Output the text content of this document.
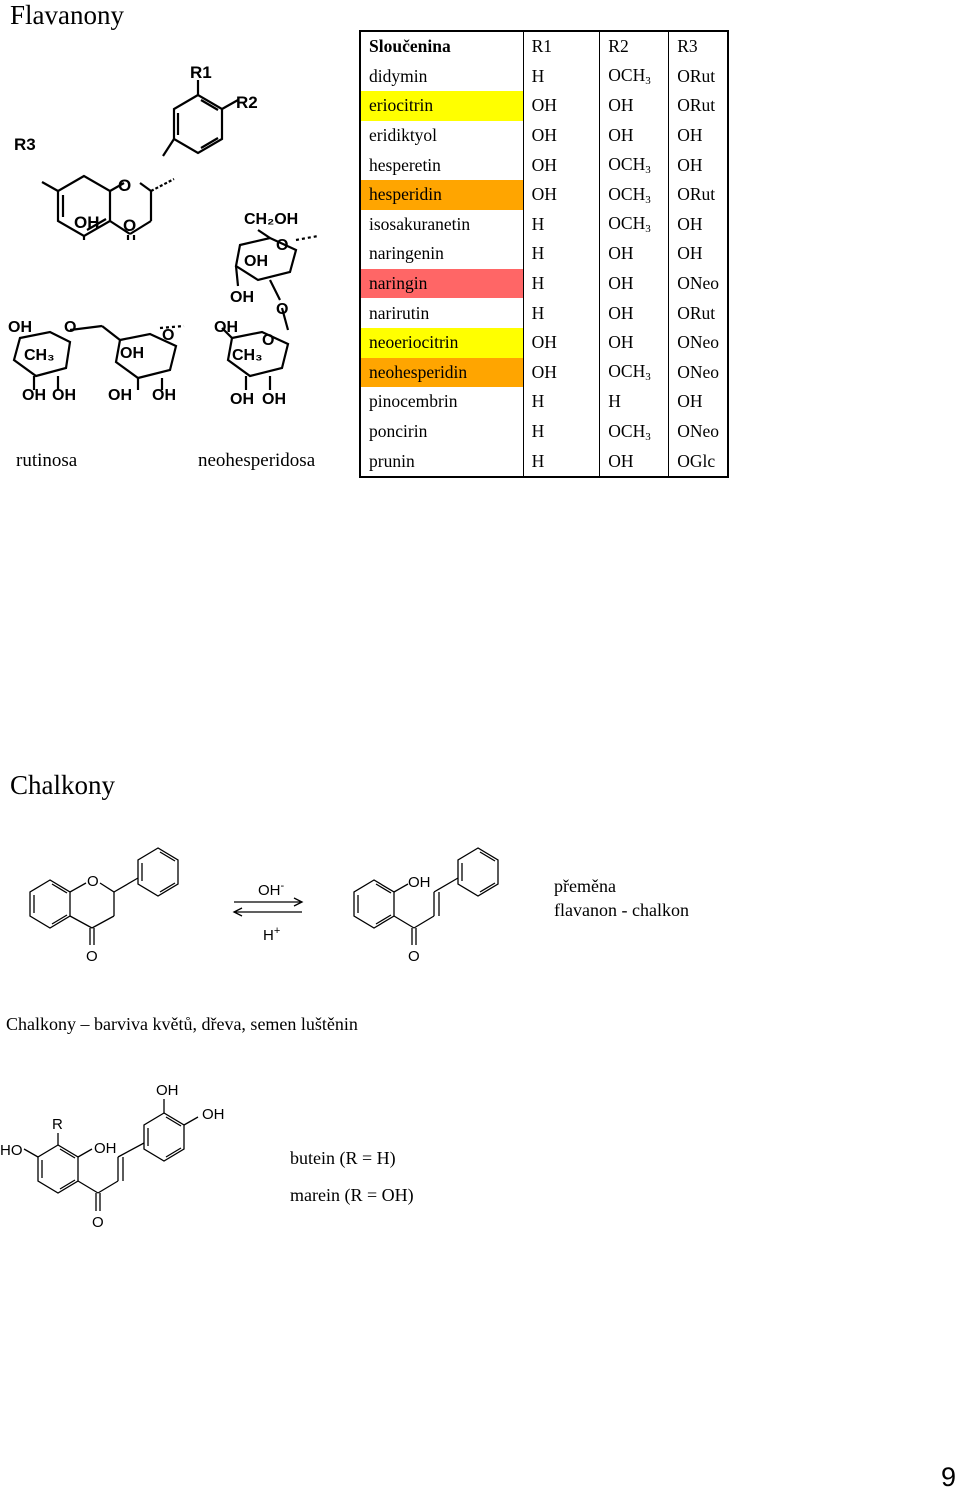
Flavanony
O
R1
R2
R3
OH O	CH₂OH
O
OH
OH
O
OH
O
CH₃
OH OH
OH O
CH₃	OH
O
OH OH OH OH
rutinosa	neohesperidosa
Sloučenina	R1	R2	R3
didymin	H	$OCH_3$	ORut
eriocitrin	OH	OH	ORut
eridiktyol	OH	OH	OH
hesperetin	OH	$OCH_3$	OH
hesperidin	OH	$OCH_3$	ORut
isosakuranetin	H	$OCH_3$	OH
naringenin	H	OH	OH
naringin	H	OH	ONeo
narirutin	H	OH	ORut
neoeriocitrin	OH	OH	ONeo
neohesperidin	OH	$OCH_3$	ONeo
pinocembrin	H	H	OH
poncirin	H	$OCH_3$	ONeo
prunin	H	OH	OGlc
Chalkony
O
O
OH-
H+
OH
O
přeměna
flavanon - chalkon
Chalkony – barviva květů, dřeva, semen luštěnin
HO
R
OH
OH
OH
O
butein (R = H)
marein (R = OH)
9
